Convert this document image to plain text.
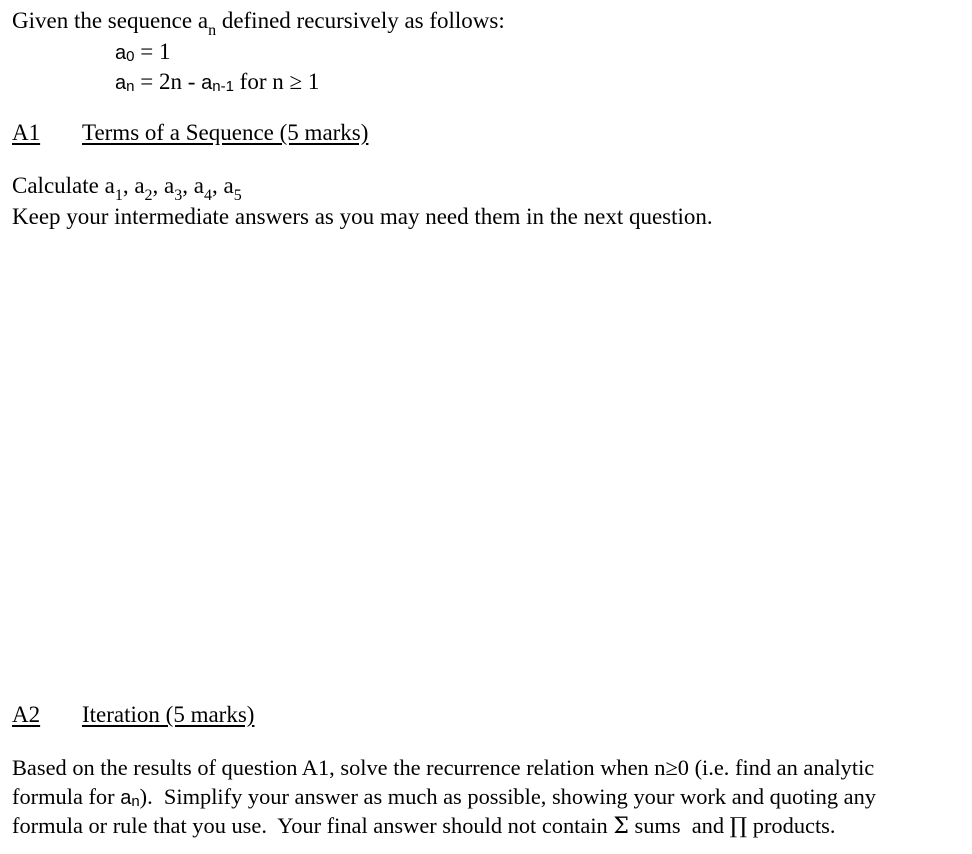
Given the sequence $a_n$ defined recursively as follows:
a0 = 1
an = 2n - an-1 for n ≥ 1
A1 Terms of a Sequence (5 marks)
Calculate $a_1$, $a_2$, $a_3$, $a_4$, $a_5$
Keep your intermediate answers as you may need them in the next question.
A2 Iteration (5 marks)
Based on the results of question A1, solve the recurrence relation when n≥0 (i.e. find an analytic
formula for an).  Simplify your answer as much as possible, showing your work and quoting any
formula or rule that you use.  Your final answer should not contain Σ sums  and ∏ products.
